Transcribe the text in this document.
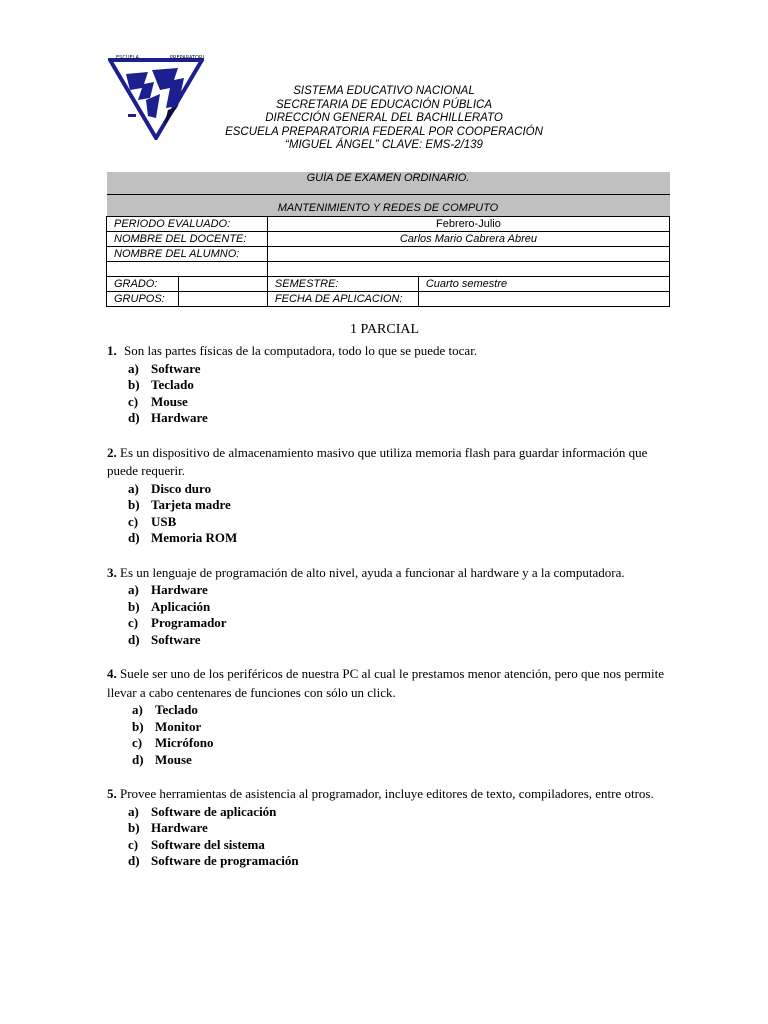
ESCUELA	PREPARATORIA
SISTEMA EDUCATIVO NACIONAL
SECRETARIA DE EDUCACIÓN PÚBLICA
DIRECCIÓN GENERAL DEL BACHILLERATO
ESCUELA PREPARATORIA FEDERAL POR COOPERACIÓN
“MIGUEL ÁNGEL” CLAVE: EMS-2/139
GUÍA DE EXAMEN ORDINARIO.			
MANTENIMIENTO Y REDES DE COMPUTO			
PERIODO EVALUADO:		Febrero-Julio	
NOMBRE DEL DOCENTE:		Carlos Mario Cabrera Abreu	
NOMBRE DEL ALUMNO:			

GRADO:		SEMESTRE:	Cuarto semestre
GRUPOS:		FECHA DE APLICACION:	
1 PARCIAL
1. Son las partes físicas de la computadora, todo lo que se puede tocar.
a) Software
b) Teclado
c) Mouse
d) Hardware
2. Es un dispositivo de almacenamiento masivo que utiliza memoria flash para guardar información que puede requerir.
a) Disco duro
b) Tarjeta madre
c) USB
d) Memoria ROM
3. Es un lenguaje de programación de alto nivel, ayuda a funcionar al hardware y a la computadora.
a) Hardware
b) Aplicación
c) Programador
d) Software
4. Suele ser uno de los periféricos de nuestra PC al cual le prestamos menor atención, pero que nos permite llevar a cabo centenares de funciones con sólo un click.
a) Teclado
b) Monitor
c) Micrófono
d) Mouse
5. Provee herramientas de asistencia al programador, incluye editores de texto, compiladores, entre otros.
a) Software de aplicación
b) Hardware
c) Software del sistema
d) Software de programación
